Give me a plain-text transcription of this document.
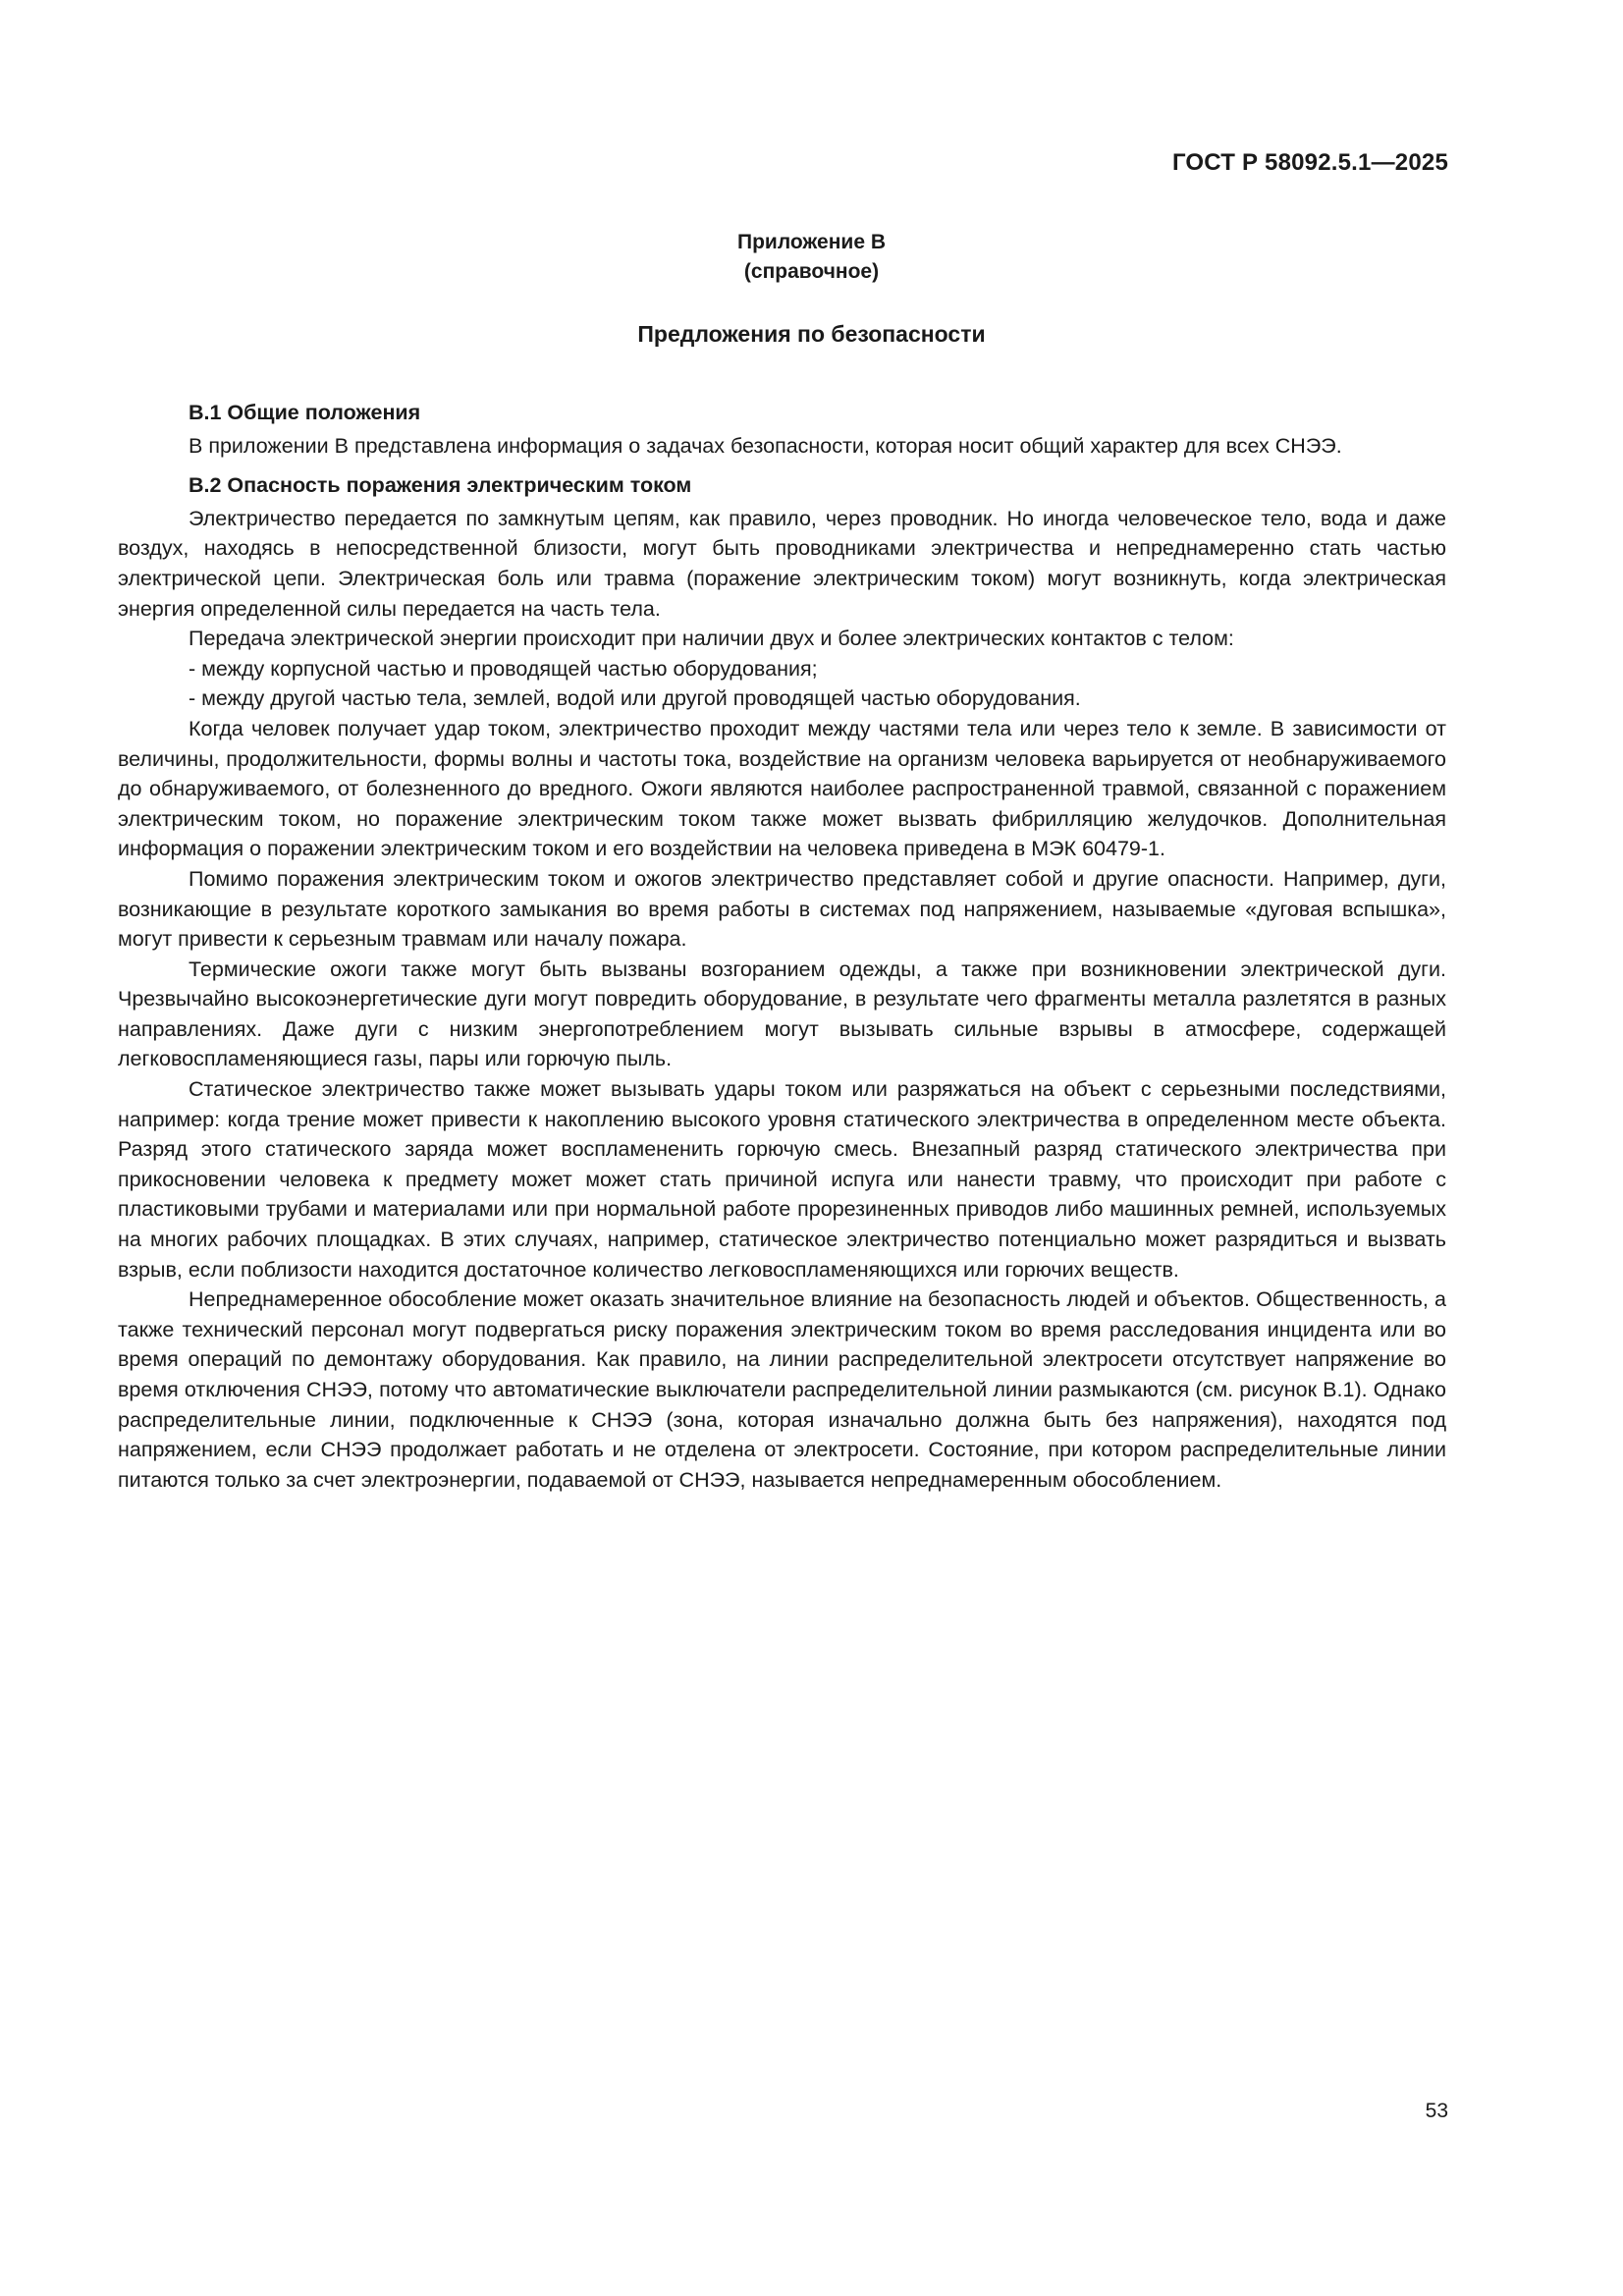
ГОСТ Р 58092.5.1—2025
Приложение В
(справочное)
Предложения по безопасности
В.1 Общие положения

В приложении В представлена информация о задачах безопасности, которая носит общий характер для всех СНЭЭ.

В.2 Опасность поражения электрическим током

Электричество передается по замкнутым цепям, как правило, через проводник. Но иногда человеческое тело, вода и даже воздух, находясь в непосредственной близости, могут быть проводниками электричества и непреднамеренно стать частью электрической цепи. Электрическая боль или травма (поражение электрическим током) могут возникнуть, когда электрическая энергия определенной силы передается на часть тела.

Передача электрической энергии происходит при наличии двух и более электрических контактов с телом:

- между корпусной частью и проводящей частью оборудования;

- между другой частью тела, землей, водой или другой проводящей частью оборудования.

Когда человек получает удар током, электричество проходит между частями тела или через тело к земле. В зависимости от величины, продолжительности, формы волны и частоты тока, воздействие на организм человека варьируется от необнаруживаемого до обнаруживаемого, от болезненного до вредного. Ожоги являются наиболее распространенной травмой, связанной с поражением электрическим током, но поражение электрическим током также может вызвать фибрилляцию желудочков. Дополнительная информация о поражении электрическим током и его воздействии на человека приведена в МЭК 60479-1.

Помимо поражения электрическим током и ожогов электричество представляет собой и другие опасности. Например, дуги, возникающие в результате короткого замыкания во время работы в системах под напряжением, называемые «дуговая вспышка», могут привести к серьезным травмам или началу пожара.

Термические ожоги также могут быть вызваны возгоранием одежды, а также при возникновении электрической дуги. Чрезвычайно высокоэнергетические дуги могут повредить оборудование, в результате чего фрагменты металла разлетятся в разных направлениях. Даже дуги с низким энергопотреблением могут вызывать сильные взрывы в атмосфере, содержащей легковоспламеняющиеся газы, пары или горючую пыль.

Статическое электричество также может вызывать удары током или разряжаться на объект с серьезными последствиями, например: когда трение может привести к накоплению высокого уровня статического электричества в определенном месте объекта. Разряд этого статического заряда может воспламененить горючую смесь. Внезапный разряд статического электричества при прикосновении человека к предмету может может стать причиной испуга или нанести травму, что происходит при работе с пластиковыми трубами и материалами или при нормальной работе прорезиненных приводов либо машинных ремней, используемых на многих рабочих площадках. В этих случаях, например, статическое электричество потенциально может разрядиться и вызвать взрыв, если поблизости находится достаточное количество легковоспламеняющихся или горючих веществ.

Непреднамеренное обособление может оказать значительное влияние на безопасность людей и объектов. Общественность, а также технический персонал могут подвергаться риску поражения электрическим током во время расследования инцидента или во время операций по демонтажу оборудования. Как правило, на линии распределительной электросети отсутствует напряжение во время отключения СНЭЭ, потому что автоматические выключатели распределительной линии размыкаются (см. рисунок В.1). Однако распределительные линии, подключенные к СНЭЭ (зона, которая изначально должна быть без напряжения), находятся под напряжением, если СНЭЭ продолжает работать и не отделена от электросети. Состояние, при котором распределительные линии питаются только за счет электроэнергии, подаваемой от СНЭЭ, называется непреднамеренным обособлением.

53
